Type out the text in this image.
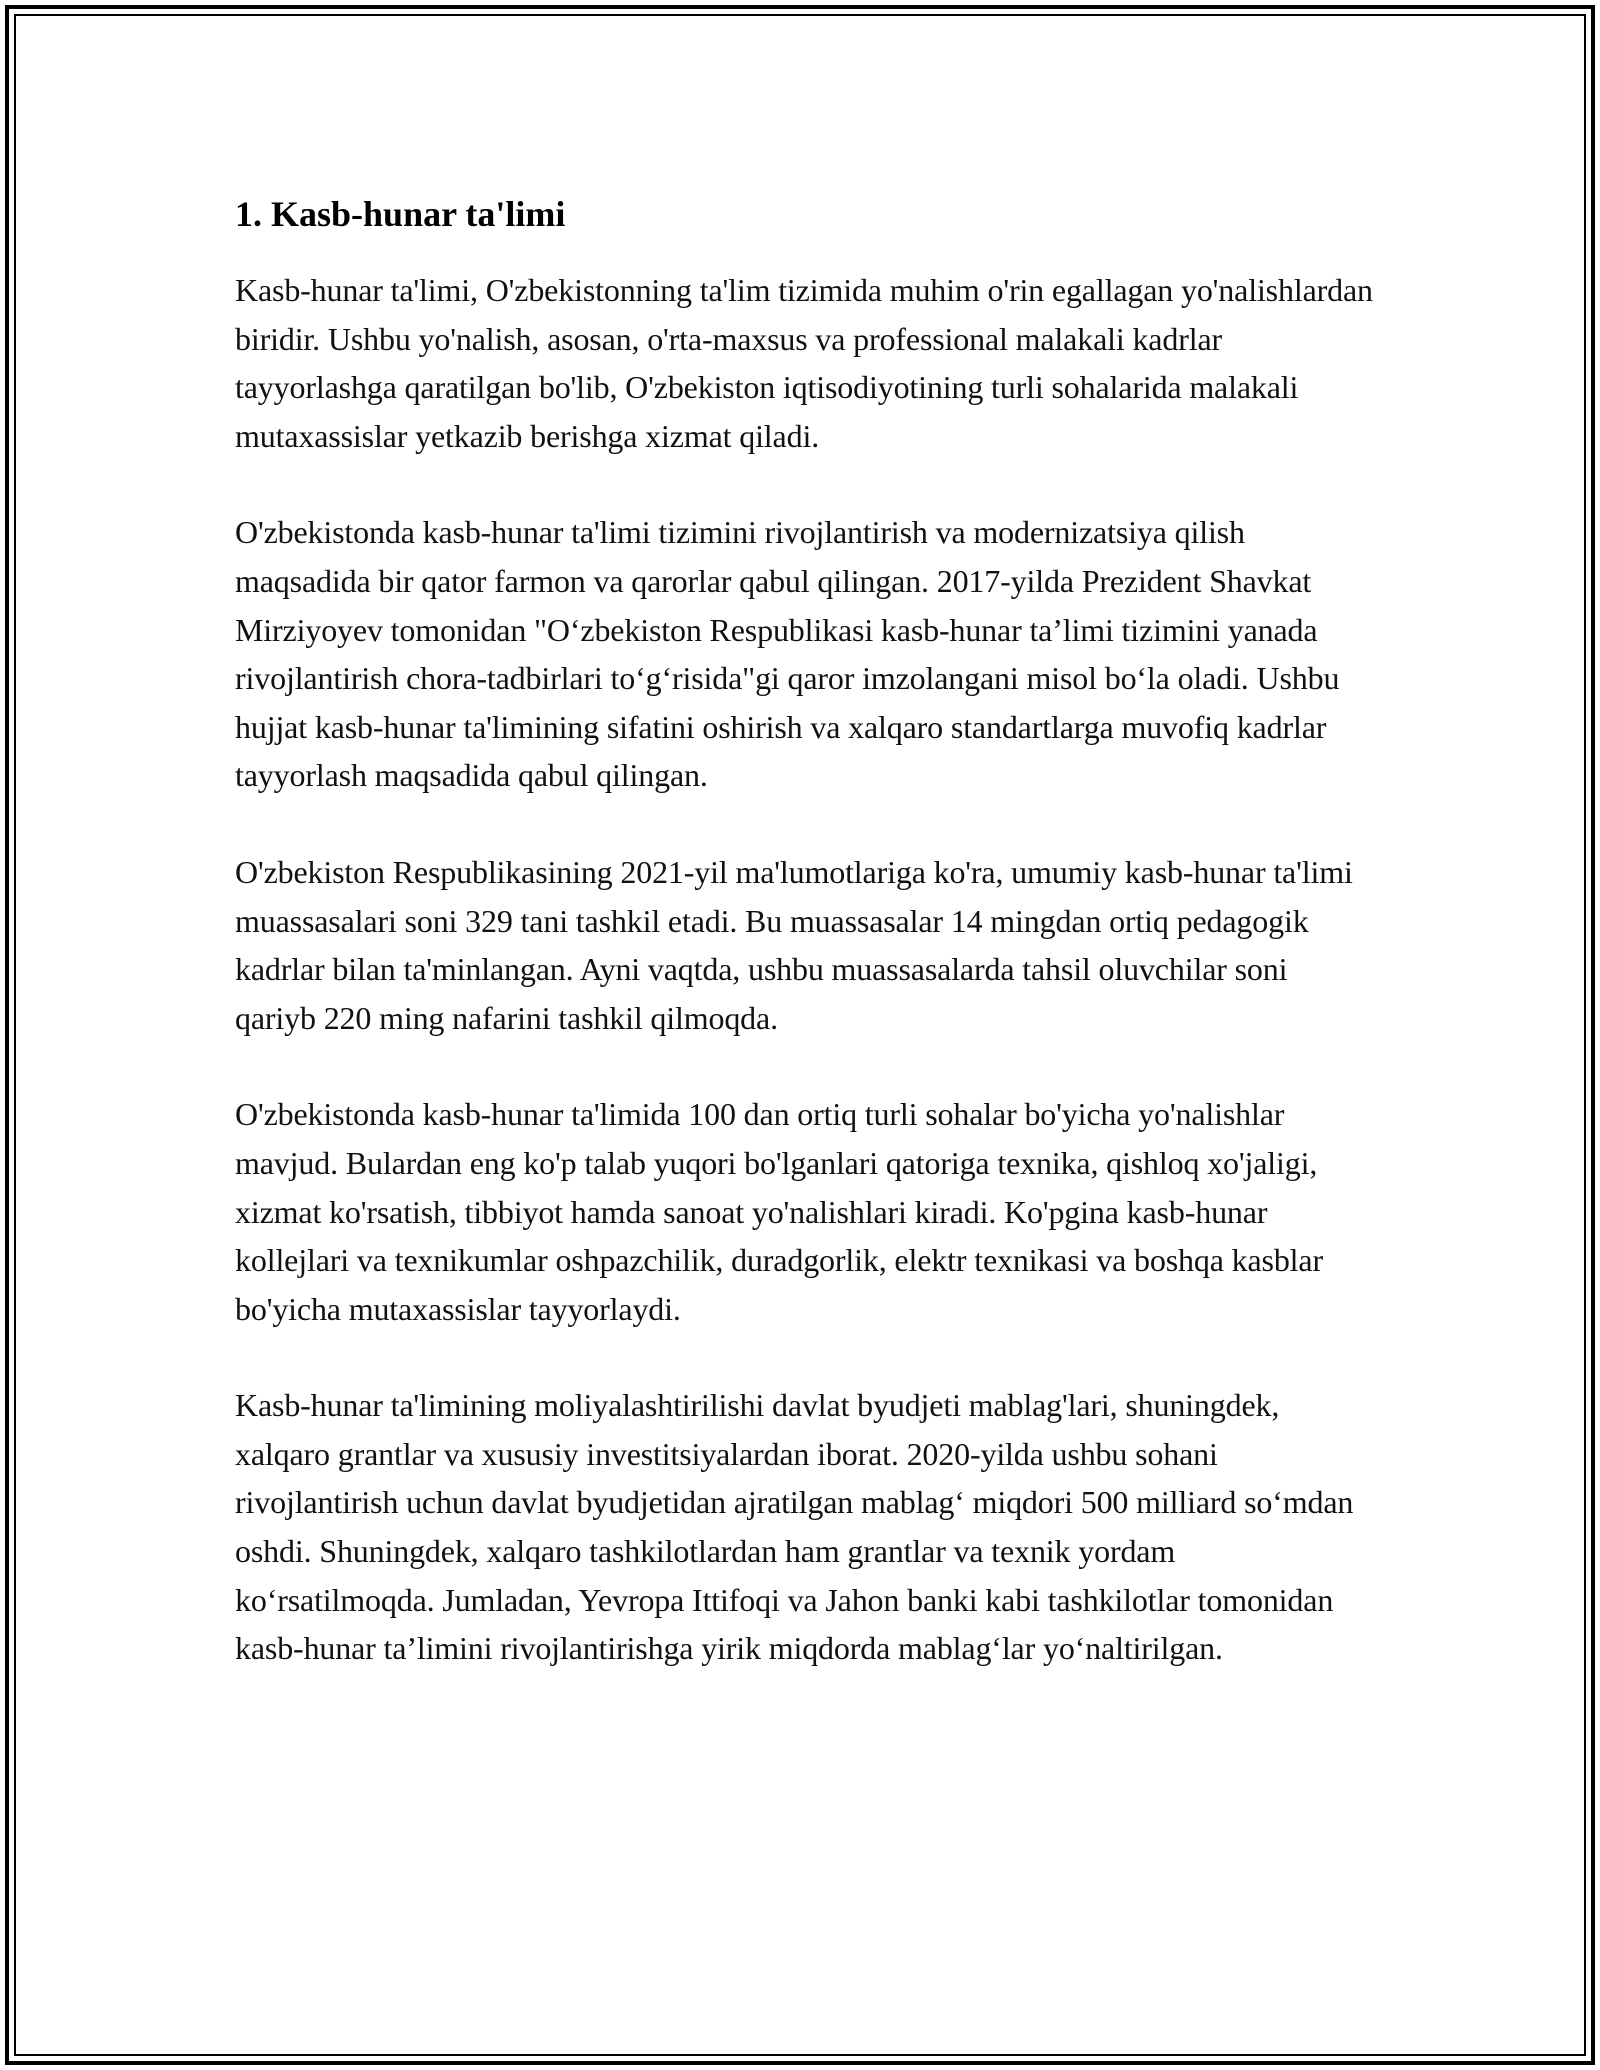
1. Kasb-hunar ta'limi

Kasb-hunar ta'limi, O'zbekistonning ta'lim tizimida muhim o'rin egallagan yo'nalishlardan biridir. Ushbu yo'nalish, asosan, o'rta-maxsus va professional malakali kadrlar tayyorlashga qaratilgan bo'lib, O'zbekiston iqtisodiyotining turli sohalarida malakali mutaxassislar yetkazib berishga xizmat qiladi.

O'zbekistonda kasb-hunar ta'limi tizimini rivojlantirish va modernizatsiya qilish maqsadida bir qator farmon va qarorlar qabul qilingan. 2017-yilda Prezident Shavkat Mirziyoyev tomonidan "O‘zbekiston Respublikasi kasb-hunar ta’limi tizimini yanada rivojlantirish chora-tadbirlari to‘g‘risida"gi qaror imzolangani misol bo‘la oladi. Ushbu hujjat kasb-hunar ta'limining sifatini oshirish va xalqaro standartlarga muvofiq kadrlar tayyorlash maqsadida qabul qilingan.

O'zbekiston Respublikasining 2021-yil ma'lumotlariga ko'ra, umumiy kasb-hunar ta'limi muassasalari soni 329 tani tashkil etadi. Bu muassasalar 14 mingdan ortiq pedagogik kadrlar bilan ta'minlangan. Ayni vaqtda, ushbu muassasalarda tahsil oluvchilar soni qariyb 220 ming nafarini tashkil qilmoqda.

O'zbekistonda kasb-hunar ta'limida 100 dan ortiq turli sohalar bo'yicha yo'nalishlar mavjud. Bulardan eng ko'p talab yuqori bo'lganlari qatoriga texnika, qishloq xo'jaligi, xizmat ko'rsatish, tibbiyot hamda sanoat yo'nalishlari kiradi. Ko'pgina kasb-hunar kollejlari va texnikumlar oshpazchilik, duradgorlik, elektr texnikasi va boshqa kasblar bo'yicha mutaxassislar tayyorlaydi.

Kasb-hunar ta'limining moliyalashtirilishi davlat byudjeti mablag'lari, shuningdek, xalqaro grantlar va xususiy investitsiyalardan iborat. 2020-yilda ushbu sohani rivojlantirish uchun davlat byudjetidan ajratilgan mablag‘ miqdori 500 milliard so‘mdan oshdi. Shuningdek, xalqaro tashkilotlardan ham grantlar va texnik yordam ko‘rsatilmoqda. Jumladan, Yevropa Ittifoqi va Jahon banki kabi tashkilotlar tomonidan kasb-hunar ta’limini rivojlantirishga yirik miqdorda mablag‘lar yo‘naltirilgan.
